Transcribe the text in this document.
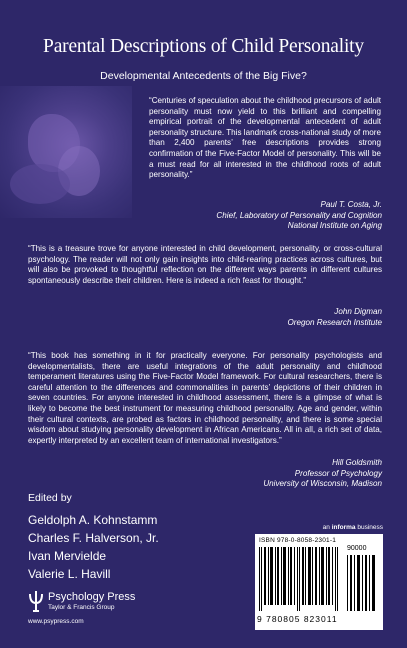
Parental Descriptions of Child Personality
Developmental Antecedents of the Big Five?
“Centuries of speculation about the childhood precursors of adult personality must now yield to this brilliant and compelling empirical portrait of the developmental antecedent of adult personality structure. This landmark cross-national study of more than 2,400 parents’ free descriptions provides strong confirmation of the Five-Factor Model of personality. This will be a must read for all interested in the childhood roots of adult personality.”
Paul T. Costa, Jr.
Chief, Laboratory of Personality and Cognition
National Institute on Aging
“This is a treasure trove for anyone interested in child development, personality, or cross-cultural psychology. The reader will not only gain insights into child-rearing practices across cultures, but will also be provoked to thoughtful reflection on the different ways parents in different cultures spontaneously describe their children. Here is indeed a rich feast for thought.”
John Digman
Oregon Research Institute
“This book has something in it for practically everyone. For personality psychologists and developmentalists, there are useful integrations of the adult personality and childhood temperament literatures using the Five-Factor Model framework. For cultural researchers, there is careful attention to the differences and commonalities in parents’ depictions of their children in seven countries. For anyone interested in childhood assessment, there is a glimpse of what is likely to become the best instrument for measuring childhood personality. Age and gender, within their cultural contexts, are probed as factors in childhood personality, and there is some special wisdom about studying personality development in African Americans. All in all, a rich set of data, expertly interpreted by an excellent team of international investigators.”
Hill Goldsmith
Professor of Psychology
University of Wisconsin, Madison
Edited by
Geldolph A. Kohnstamm
Charles F. Halverson, Jr.
Ivan Mervielde
Valerie L. Havill
an informa business
Psychology Press
Taylor & Francis Group
www.psypress.com
ISBN 978-0-8058-2301-1
90000
9 780805 823011
